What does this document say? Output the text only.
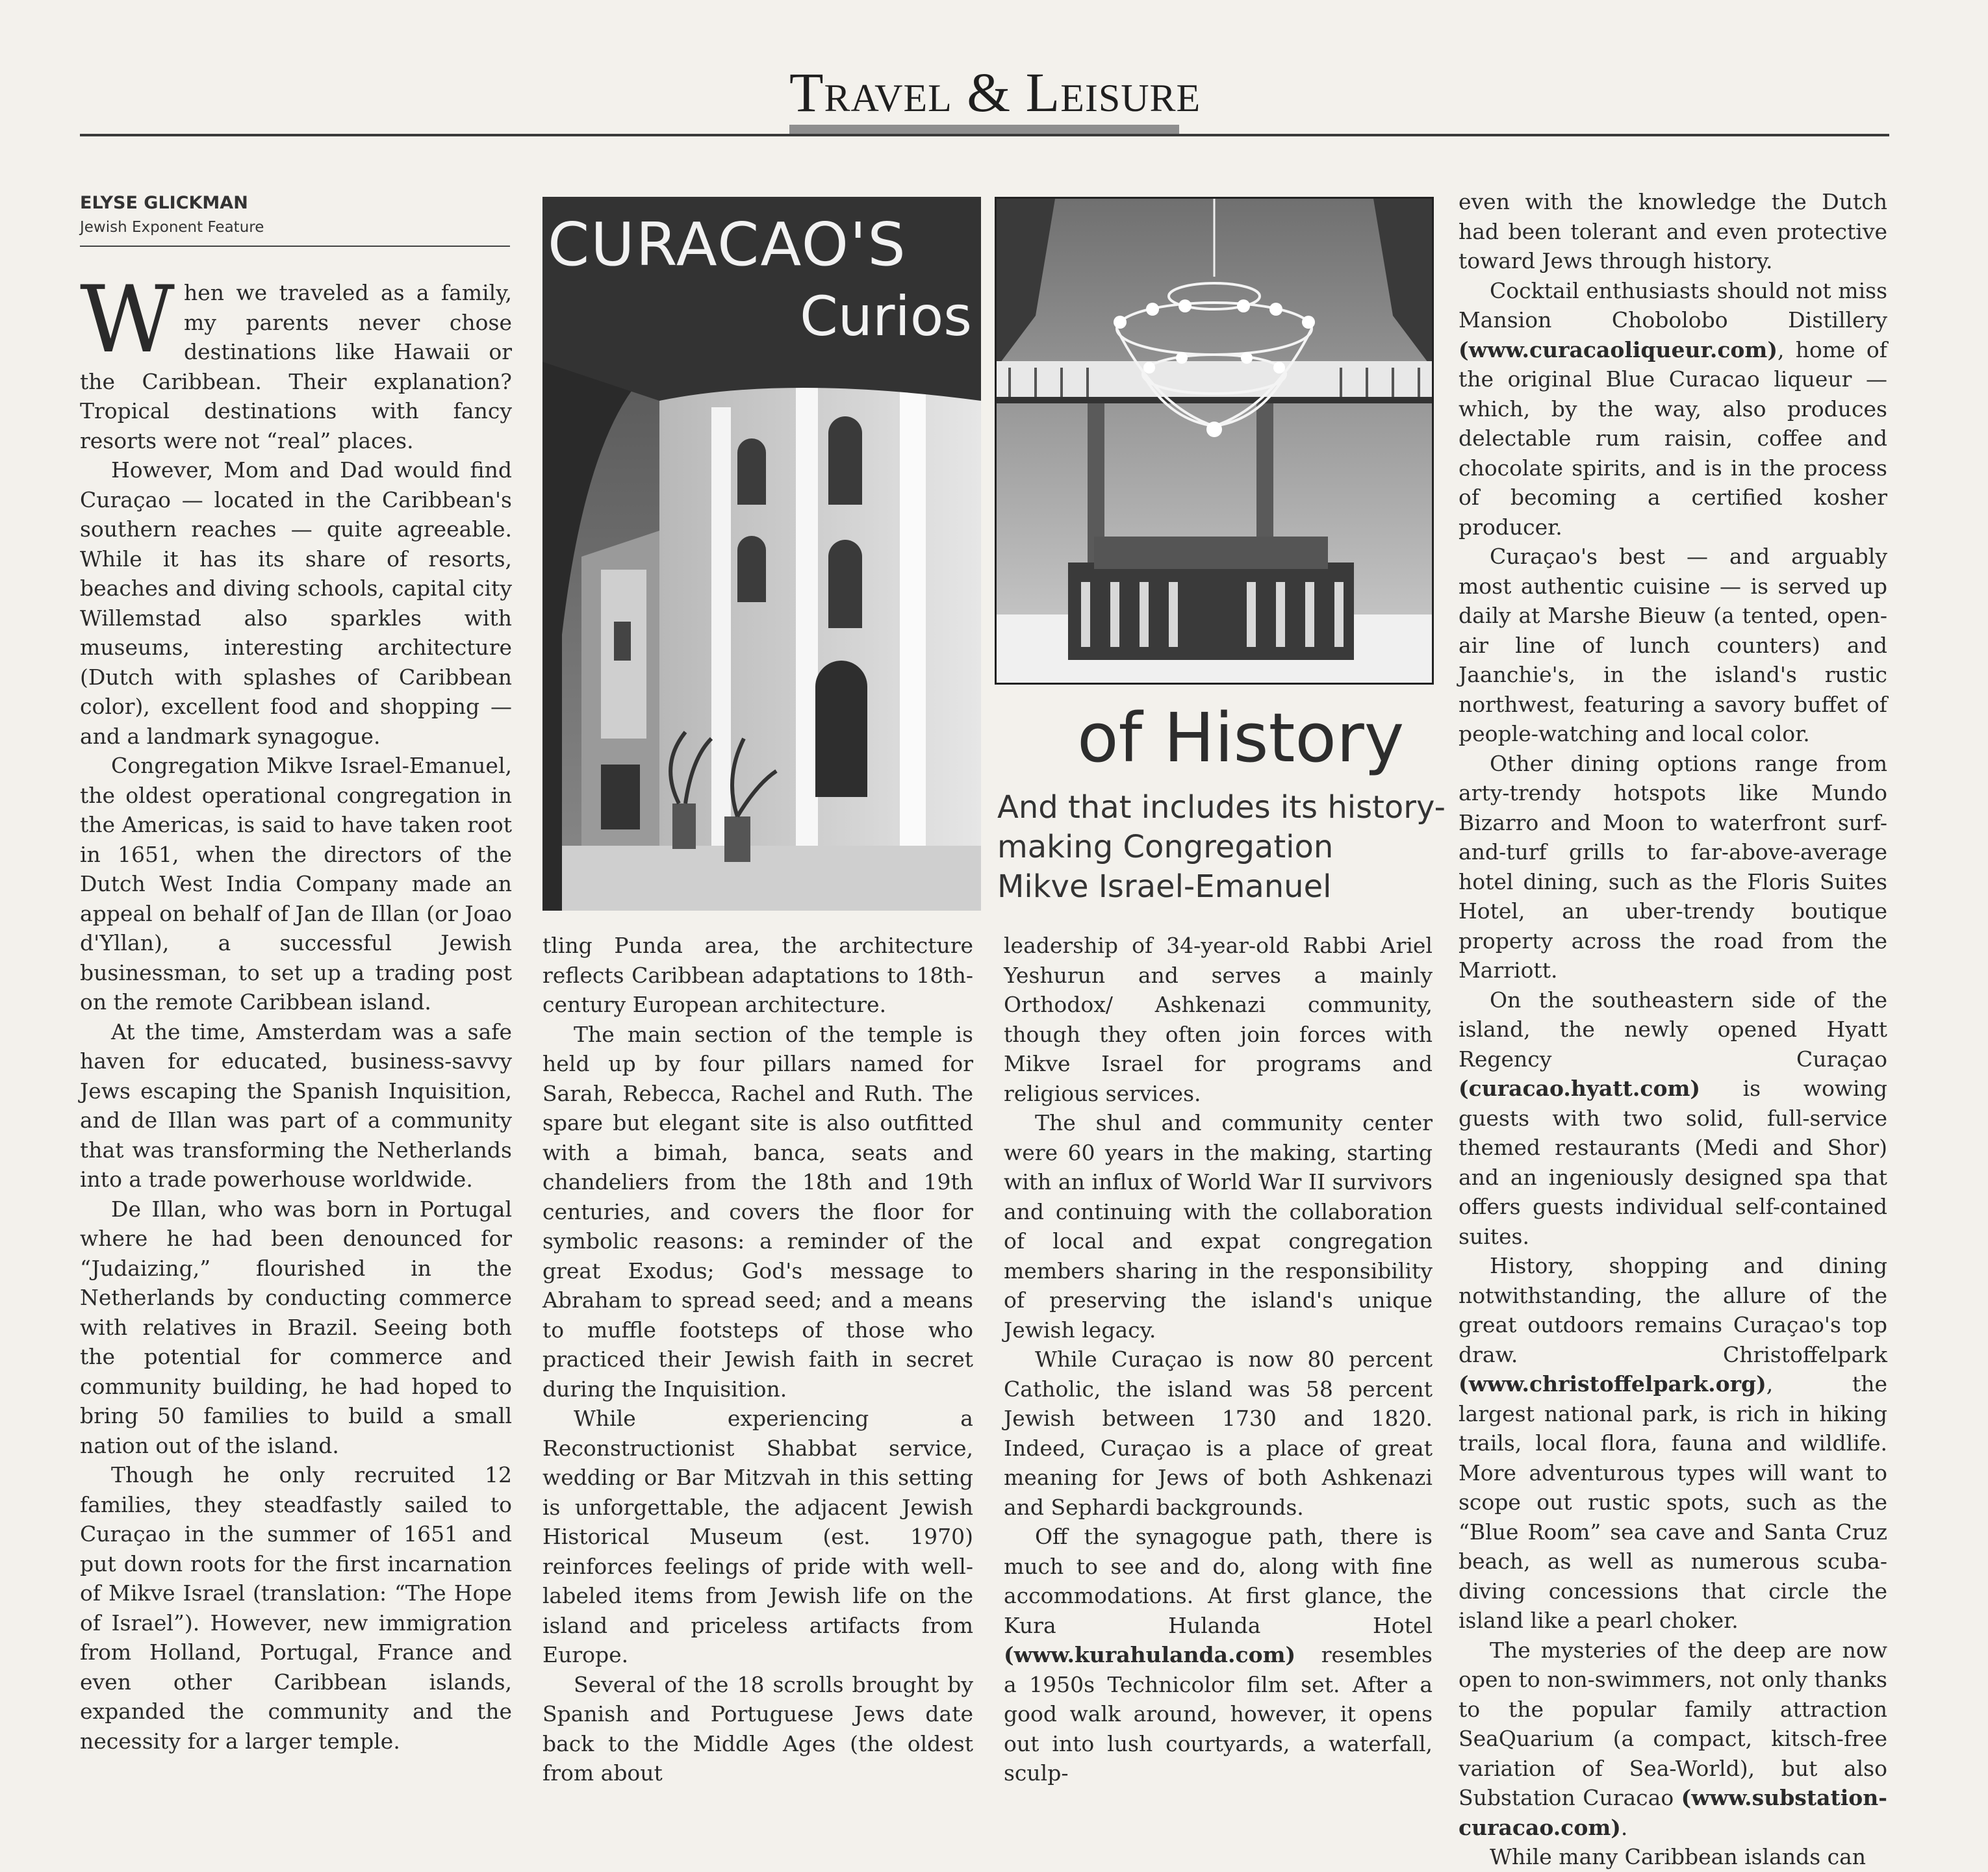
Travel & Leisure
ELYSE GLICKMAN
Jewish Exponent Feature

When we traveled as a family, my parents never chose destinations like Hawaii or the Caribbean. Their explanation? Tropical destinations with fancy resorts were not “real” places.

However, Mom and Dad would find Curaçao — located in the Caribbean's southern reaches — quite agreeable. While it has its share of resorts, beaches and diving schools, capital city Willemstad also sparkles with museums, interesting architecture (Dutch with splashes of Caribbean color), excellent food and shopping — and a landmark synagogue.

Congregation Mikve Israel-Emanuel, the oldest operational congregation in the Americas, is said to have taken root in 1651, when the directors of the Dutch West India Company made an appeal on behalf of Jan de Illan (or Joao d'Yllan), a successful Jewish businessman, to set up a trading post on the remote Caribbean island.

At the time, Amsterdam was a safe haven for educated, business-savvy Jews escaping the Spanish Inquisition, and de Illan was part of a community that was transforming the Netherlands into a trade powerhouse worldwide.

De Illan, who was born in Portugal where he had been denounced for “Judaizing,” flourished in the Netherlands by conducting commerce with relatives in Brazil. Seeing both the potential for commerce and community building, he had hoped to bring 50 families to build a small nation out of the island.

Though he only recruited 12 families, they steadfastly sailed to Curaçao in the summer of 1651 and put down roots for the first incarnation of Mikve Israel (translation: “The Hope of Israel”). However, new immigration from Holland, Portugal, France and even other Caribbean islands, expanded the community and the necessity for a larger temple.

CURACAO'S
Curios
of History
And that includes its history-
making Congregation
Mikve Israel-Emanuel

tling Punda area, the architecture reflects Caribbean adaptations to 18th-century European architecture.

The main section of the temple is held up by four pillars named for Sarah, Rebecca, Rachel and Ruth. The spare but elegant site is also outfitted with a bimah, banca, seats and chandeliers from the 18th and 19th centuries, and covers the floor for symbolic reasons: a reminder of the great Exodus; God's message to Abraham to spread seed; and a means to muffle footsteps of those who practiced their Jewish faith in secret during the Inquisition.

While experiencing a Reconstructionist Shabbat service, wedding or Bar Mitzvah in this setting is unforgettable, the adjacent Jewish Historical Museum (est. 1970) reinforces feelings of pride with well-labeled items from Jewish life on the island and priceless artifacts from Europe.

Several of the 18 scrolls brought by Spanish and Portuguese Jews date back to the Middle Ages (the oldest from about

leadership of 34-year-old Rabbi Ariel Yeshurun and serves a mainly Orthodox/ Ashkenazi community, though they often join forces with Mikve Israel for programs and religious services.

The shul and community center were 60 years in the making, starting with an influx of World War II survivors and continuing with the collaboration of local and expat congregation members sharing in the responsibility of preserving the island's unique Jewish legacy.

While Curaçao is now 80 percent Catholic, the island was 58 percent Jewish between 1730 and 1820. Indeed, Curaçao is a place of great meaning for Jews of both Ashkenazi and Sephardi backgrounds.

Off the synagogue path, there is much to see and do, along with fine accommodations. At first glance, the Kura Hulanda Hotel (www.kurahulanda.com) resembles a 1950s Technicolor film set. After a good walk around, however, it opens out into lush courtyards, a waterfall, sculp-

even with the knowledge the Dutch had been tolerant and even protective toward Jews through history.

Cocktail enthusiasts should not miss Mansion Chobolobo Distillery (www.curacaoliqueur.com), home of the original Blue Curacao liqueur — which, by the way, also produces delectable rum raisin, coffee and chocolate spirits, and is in the process of becoming a certified kosher producer.

Curaçao's best — and arguably most authentic cuisine — is served up daily at Marshe Bieuw (a tented, open-air line of lunch counters) and Jaanchie's, in the island's rustic northwest, featuring a savory buffet of people-watching and local color.

Other dining options range from arty-trendy hotspots like Mundo Bizarro and Moon to waterfront surf-and-turf grills to far-above-average hotel dining, such as the Floris Suites Hotel, an uber-trendy boutique property across the road from the Marriott.

On the southeastern side of the island, the newly opened Hyatt Regency Curaçao (curacao.hyatt.com) is wowing guests with two solid, full-service themed restaurants (Medi and Shor) and an ingeniously designed spa that offers guests individual self-contained suites.

History, shopping and dining notwithstanding, the allure of the great outdoors remains Curaçao's top draw. Christoffelpark (www.christoffelpark.org), the largest national park, is rich in hiking trails, local flora, fauna and wildlife. More adventurous types will want to scope out rustic spots, such as the “Blue Room” sea cave and Santa Cruz beach, as well as numerous scuba-diving concessions that circle the island like a pearl choker.

The mysteries of the deep are now open to non-swimmers, not only thanks to the popular family attraction SeaQuarium (a compact, kitsch-free variation of Sea-World), but also Substation Curacao (www.substation-curacao.com).

While many Caribbean islands can
